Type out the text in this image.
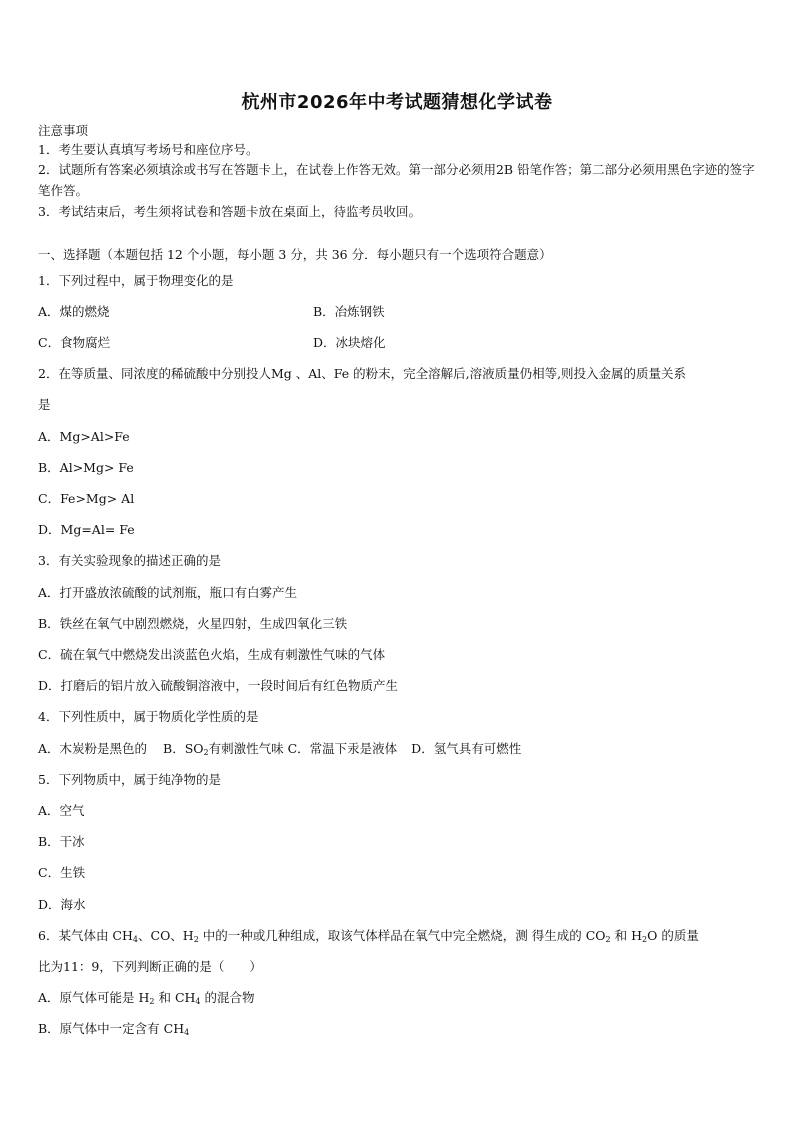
杭州市2026年中考试题猜想化学试卷
注意事项
1．考生要认真填写考场号和座位序号。
2．试题所有答案必须填涂或书写在答题卡上，在试卷上作答无效。第一部分必须用2B 铅笔作答；第二部分必须用黑色字迹的签字笔作答。
3．考试结束后，考生须将试卷和答题卡放在桌面上，待监考员收回。
一、选择题（本题包括 12 个小题，每小题 3 分，共 36 分．每小题只有一个选项符合题意）
1．下列过程中，属于物理变化的是
A．煤的燃烧	B．冶炼钢铁
C．食物腐烂	D．冰块熔化
2．在等质量、同浓度的稀硫酸中分别投人Mg 、Al、Fe 的粉末，完全溶解后,溶液质量仍相等,则投入金属的质量关系
是
A．Mg>Al>Fe
B．Al>Mg> Fe
C．Fe>Mg> Al
D．Mg=Al= Fe
3．有关实验现象的描述正确的是
A．打开盛放浓硫酸的试剂瓶，瓶口有白雾产生
B．铁丝在氧气中剧烈燃烧，火星四射，生成四氧化三铁
C．硫在氧气中燃烧发出淡蓝色火焰，生成有刺激性气味的气体
D．打磨后的铝片放入硫酸铜溶液中，一段时间后有红色物质产生
4．下列性质中，属于物质化学性质的是
A．木炭粉是黑色的 B．$SO_2$有刺激性气味 C．常温下汞是液体 D．氢气具有可燃性
5．下列物质中，属于纯净物的是
A．空气
B．干冰
C．生铁
D．海水
6．某气体由 $CH_4$、CO、$H_2$ 中的一种或几种组成，取该气体样品在氧气中完全燃烧，测 得生成的 $CO_2$ 和 $H_2O$ 的质量
比为11：9，下列判断正确的是（　　）
A．原气体可能是 $H_2$ 和 $CH_4$ 的混合物
B．原气体中一定含有 $CH_4$
